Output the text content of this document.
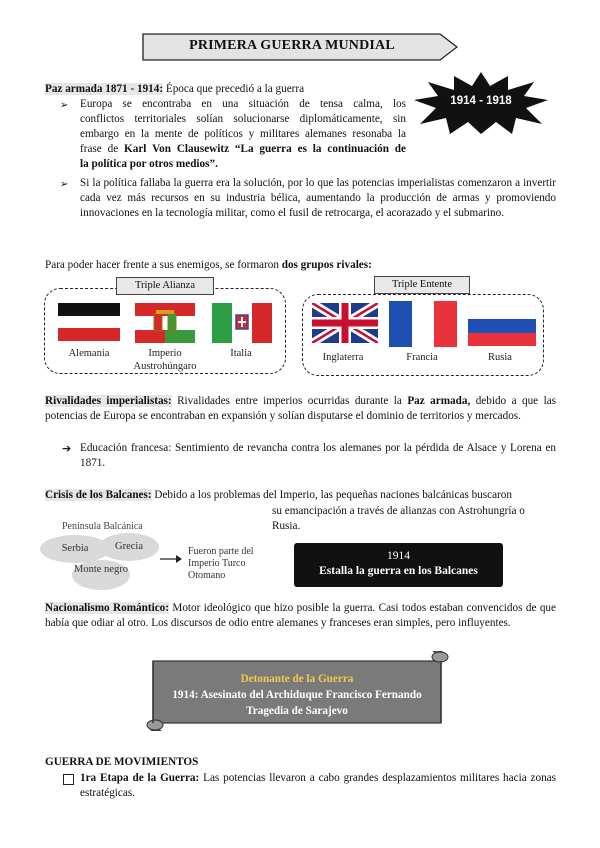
PRIMERA GUERRA MUNDIAL
1914 - 1918
Paz armada 1871 - 1914: Época que precedió a la guerra
➢ Europa se encontraba en una situación de tensa calma, los
conflictos territoriales solían solucionarse diplomáticamente, sin
embargo en la mente de políticos y militares alemanes resonaba la
frase de Karl Von Clausewitz “La guerra es la continuación de
la política por otros medios”.
➢ Si la política fallaba la guerra era la solución, por lo que las potencias imperialistas comenzaron a invertir cada vez más recursos en su industria bélica, aumentando la producción de armas y promoviendo innovaciones en la tecnología militar, como el fusil de retrocarga, el acorazado y el submarino.
Para poder hacer frente a sus enemigos, se formaron dos grupos rivales:
Triple Alianza
Alemania	Imperio Austrohúngaro
Italia
Triple Entente
Inglaterra	Francia	Rusia
Rivalidades imperialistas: Rivalidades entre imperios ocurridas durante la Paz armada, debido a que las potencias de Europa se encontraban en expansión y solían disputarse el dominio de territorios y mercados.
➔ Educación francesa: Sentimiento de revancha contra los alemanes por la pérdida de Alsace y Lorena en 1871.
Crisis de los Balcanes: Debido a los problemas del Imperio, las pequeñas naciones balcánicas buscaron
su emancipación a través de alianzas con Astrohungría o
Rusia.
Península Balcánica
Serbia	Grecia
Monte negro
Fueron parte del Imperio Turco Otomano
1914
Estalla la guerra en los Balcanes
Nacionalismo Romántico: Motor ideológico que hizo posible la guerra. Casi todos estaban convencidos de que había que odiar al otro. Los discursos de odio entre alemanes y franceses eran simples, pero influyentes.
Detonante de la Guerra
1914: Asesinato del Archiduque Francisco Fernando
Tragedia de Sarajevo
GUERRA DE MOVIMIENTOS
1ra Etapa de la Guerra: Las potencias llevaron a cabo grandes desplazamientos militares hacia zonas estratégicas.
